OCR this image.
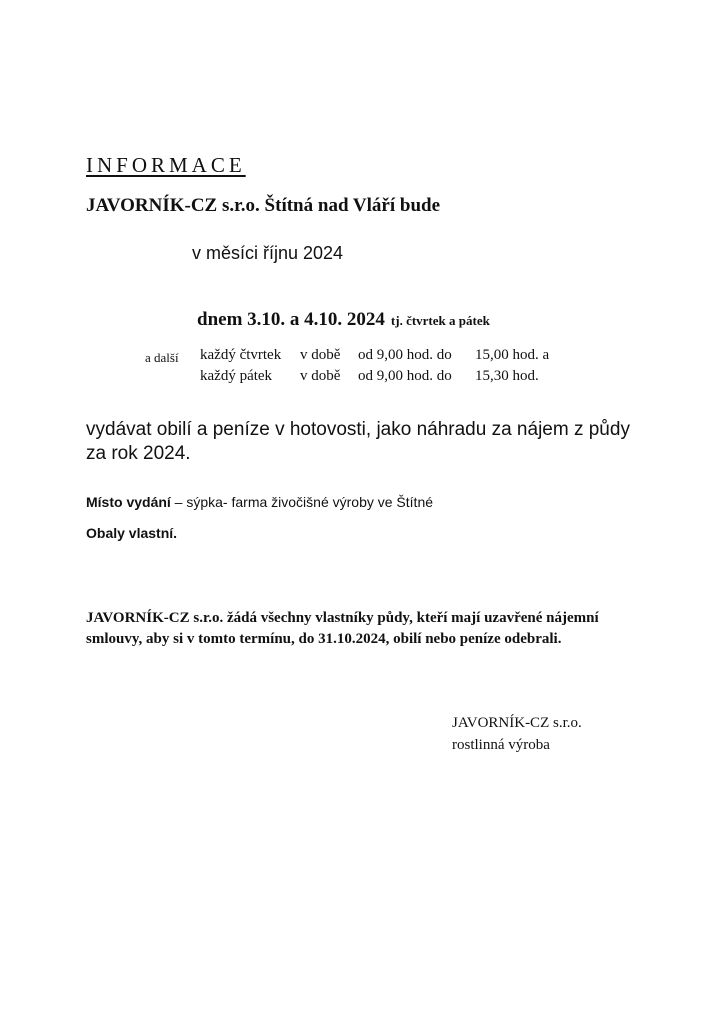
INFORMACE
JAVORNÍK-CZ s.r.o. Štítná nad Vláří bude
v měsíci říjnu 2024
dnem 3.10. a 4.10. 2024 tj. čtvrtek a pátek
a další každý čtvrtek v době od 9,00 hod. do 15,00 hod. a
každý pátek v době od 9,00 hod. do 15,30 hod.
vydávat obilí a peníze v hotovosti, jako náhradu za nájem z půdy za rok 2024.
Místo vydání – sýpka- farma živočišné výroby ve Štítné
Obaly vlastní.
JAVORNÍK-CZ s.r.o. žádá všechny vlastníky půdy, kteří mají uzavřené nájemní smlouvy, aby si v tomto termínu, do 31.10.2024, obilí nebo peníze odebrali.
JAVORNÍK-CZ s.r.o.
rostlinná výroba
